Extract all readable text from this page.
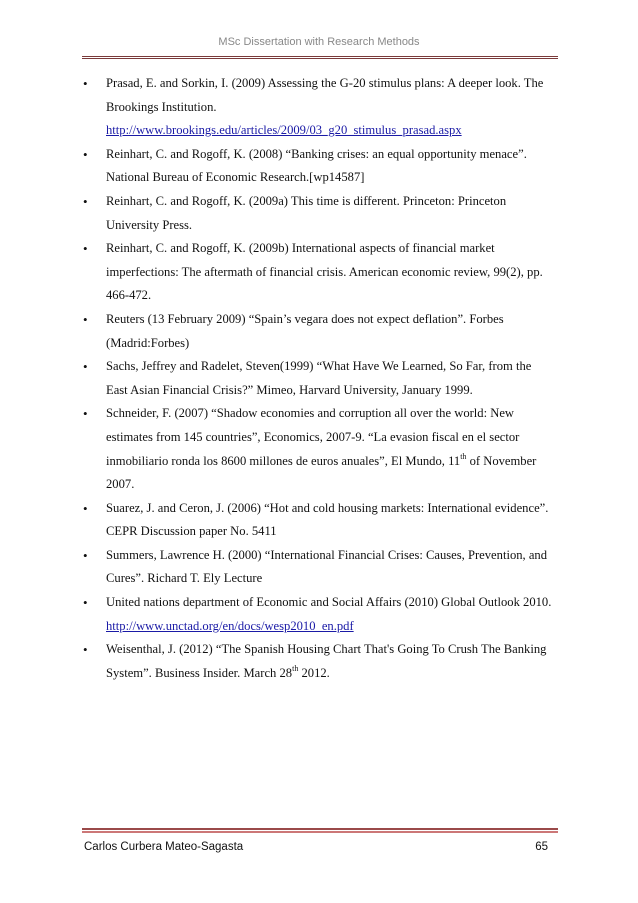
MSc Dissertation with Research Methods
• Prasad, E. and Sorkin, I. (2009) Assessing the G-20 stimulus plans: A deeper look. The Brookings Institution. http://www.brookings.edu/articles/2009/03_g20_stimulus_prasad.aspx
• Reinhart, C. and Rogoff, K. (2008) “Banking crises: an equal opportunity menace”. National Bureau of Economic Research.[wp14587]
• Reinhart, C. and Rogoff, K. (2009a) This time is different. Princeton: Princeton University Press.
• Reinhart, C. and Rogoff, K. (2009b) International aspects of financial market imperfections: The aftermath of financial crisis. American economic review, 99(2), pp. 466-472.
• Reuters (13 February 2009) “Spain’s vegara does not expect deflation”. Forbes (Madrid:Forbes)
• Sachs, Jeffrey and Radelet, Steven(1999) “What Have We Learned, So Far, from the East Asian Financial Crisis?” Mimeo, Harvard University, January 1999.
• Schneider, F. (2007) “Shadow economies and corruption all over the world: New estimates from 145 countries”, Economics, 2007-9. “La evasion fiscal en el sector inmobiliario ronda los 8600 millones de euros anuales”, El Mundo, 11th of November 2007.
• Suarez, J. and Ceron, J. (2006) “Hot and cold housing markets: International evidence”. CEPR Discussion paper No. 5411
• Summers, Lawrence H. (2000) “International Financial Crises: Causes, Prevention, and Cures”. Richard T. Ely Lecture
• United nations department of Economic and Social Affairs (2010) Global Outlook 2010. http://www.unctad.org/en/docs/wesp2010_en.pdf
• Weisenthal, J. (2012) “The Spanish Housing Chart That's Going To Crush The Banking System”. Business Insider. March 28th 2012.
Carlos Curbera Mateo-Sagasta	65
